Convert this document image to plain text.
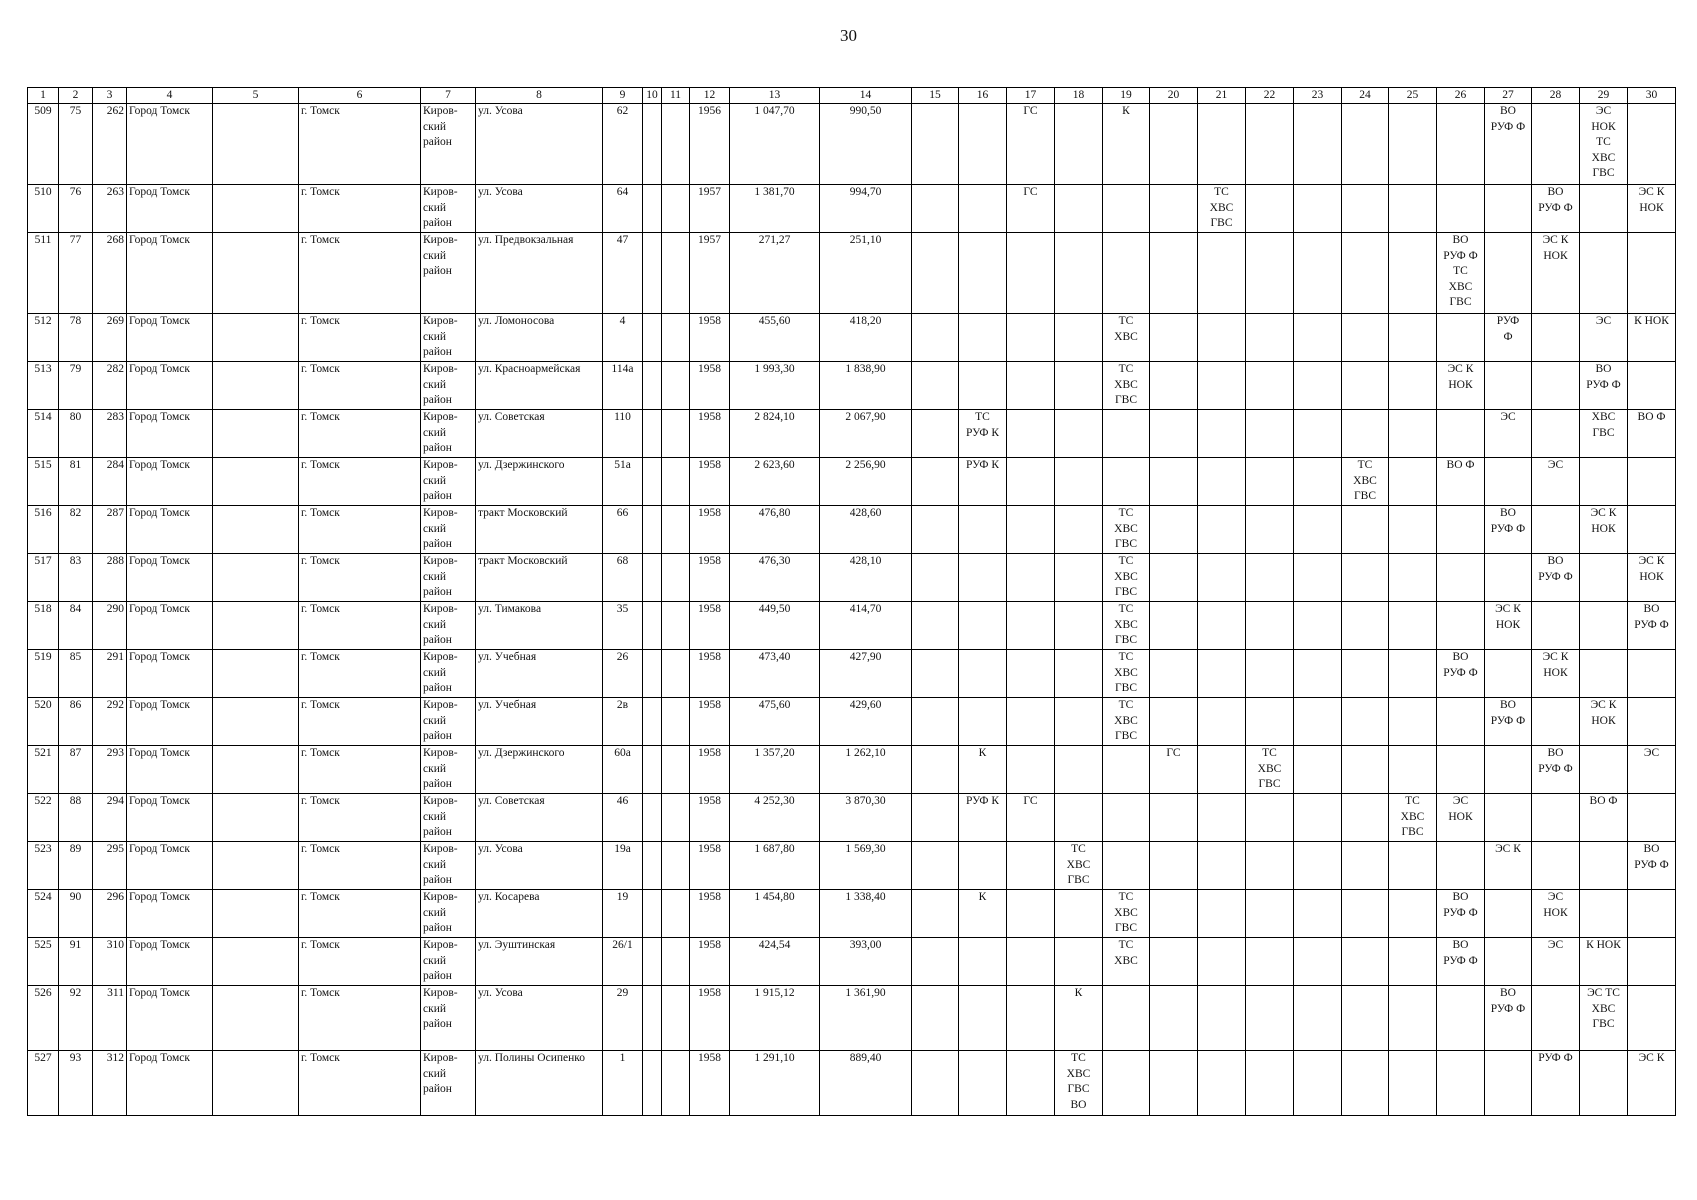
30
1	2	3	4	5	6	7	8	9	10	11	12	13	14	15	16	17	18	19	20	21	22	23	24	25	26	27	28	29	30
509	75	262	Город Томск		г. Томск	Киров-
ский
район	ул. Усова	62			1956	1 047,70	990,50			ГС		К								ВО
РУФ Ф		ЭС
НОК
ТС
ХВС
ГВС	
510	76	263	Город Томск		г. Томск	Киров-
ский
район	ул. Усова	64			1957	1 381,70	994,70			ГС				ТС
ХВС
ГВС							ВО
РУФ Ф		ЭС К
НОК
511	77	268	Город Томск		г. Томск	Киров-
ский
район	ул. Предвокзальная	47			1957	271,27	251,10												ВО
РУФ Ф
ТС
ХВС
ГВС		ЭС К
НОК		
512	78	269	Город Томск		г. Томск	Киров-
ский
район	ул. Ломоносова	4			1958	455,60	418,20					ТС
ХВС								РУФ
Ф		ЭС	К НОК
513	79	282	Город Томск		г. Томск	Киров-
ский
район	ул. Красноармейская	114а			1958	1 993,30	1 838,90					ТС
ХВС
ГВС							ЭС К
НОК			ВО
РУФ Ф	
514	80	283	Город Томск		г. Томск	Киров-
ский
район	ул. Советская	110			1958	2 824,10	2 067,90		ТС
РУФ К											ЭС		ХВС
ГВС	ВО Ф
515	81	284	Город Томск		г. Томск	Киров-
ский
район	ул. Дзержинского	51а			1958	2 623,60	2 256,90		РУФ К								ТС
ХВС
ГВС		ВО Ф		ЭС		
516	82	287	Город Томск		г. Томск	Киров-
ский
район	тракт Московский	66			1958	476,80	428,60					ТС
ХВС
ГВС								ВО
РУФ Ф		ЭС К
НОК	
517	83	288	Город Томск		г. Томск	Киров-
ский
район	тракт Московский	68			1958	476,30	428,10					ТС
ХВС
ГВС									ВО
РУФ Ф		ЭС К
НОК
518	84	290	Город Томск		г. Томск	Киров-
ский
район	ул. Тимакова	35			1958	449,50	414,70					ТС
ХВС
ГВС								ЭС К
НОК			ВО
РУФ Ф
519	85	291	Город Томск		г. Томск	Киров-
ский
район	ул. Учебная	26			1958	473,40	427,90					ТС
ХВС
ГВС							ВО
РУФ Ф		ЭС К
НОК		
520	86	292	Город Томск		г. Томск	Киров-
ский
район	ул. Учебная	2в			1958	475,60	429,60					ТС
ХВС
ГВС								ВО
РУФ Ф		ЭС К
НОК	
521	87	293	Город Томск		г. Томск	Киров-
ский
район	ул. Дзержинского	60а			1958	1 357,20	1 262,10		К				ГС		ТС
ХВС
ГВС						ВО
РУФ Ф		ЭС
522	88	294	Город Томск		г. Томск	Киров-
ский
район	ул. Советская	46			1958	4 252,30	3 870,30		РУФ К	ГС								ТС
ХВС
ГВС	ЭС
НОК			ВО Ф	
523	89	295	Город Томск		г. Томск	Киров-
ский
район	ул. Усова	19а			1958	1 687,80	1 569,30				ТС
ХВС
ГВС									ЭС К			ВО
РУФ Ф
524	90	296	Город Томск		г. Томск	Киров-
ский
район	ул. Косарева	19			1958	1 454,80	1 338,40		К			ТС
ХВС
ГВС							ВО
РУФ Ф		ЭС
НОК		
525	91	310	Город Томск		г. Томск	Киров-
ский
район	ул. Эуштинская	26/1			1958	424,54	393,00					ТС
ХВС							ВО
РУФ Ф		ЭС	К НОК	
526	92	311	Город Томск		г. Томск	Киров-
ский
район	ул. Усова	29			1958	1 915,12	1 361,90				К									ВО
РУФ Ф		ЭС ТС
ХВС
ГВС	
527	93	312	Город Томск		г. Томск	Киров-
ский
район	ул. Полины Осипенко	1			1958	1 291,10	889,40				ТС
ХВС
ГВС
ВО										РУФ Ф		ЭС К
